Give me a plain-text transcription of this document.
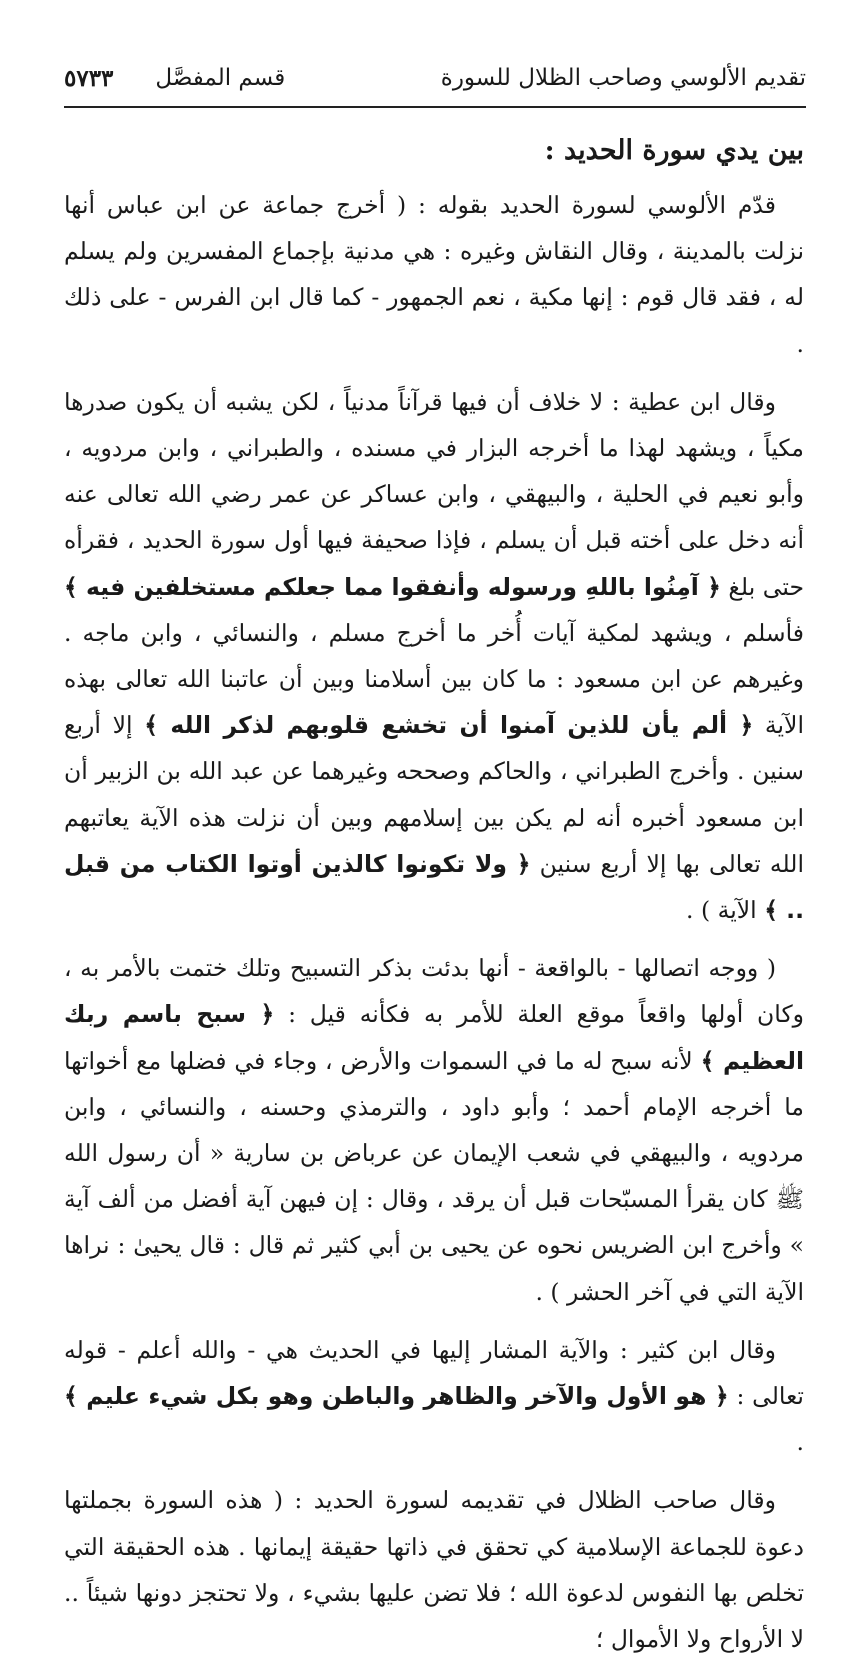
تقديم الألوسي وصاحب الظلال للسورة
قسم المفصَّل
٥٧٣٣
بين يدي سورة الحديد :

قدّم الألوسي لسورة الحديد بقوله : ( أخرج جماعة عن ابن عباس أنها نزلت بالمدينة ، وقال النقاش وغيره : هي مدنية بإجماع المفسرين ولم يسلم له ، فقد قال قوم : إنها مكية ، نعم الجمهور - كما قال ابن الفرس - على ذلك .

وقال ابن عطية : لا خلاف أن فيها قرآناً مدنياً ، لكن يشبه أن يكون صدرها مكياً ، ويشهد لهذا ما أخرجه البزار في مسنده ، والطبراني ، وابن مردويه ، وأبو نعيم في الحلية ، والبيهقي ، وابن عساكر عن عمر رضي الله تعالى عنه أنه دخل على أخته قبل أن يسلم ، فإذا صحيفة فيها أول سورة الحديد ، فقرأه حتى بلغ ﴿ آمِنُوا باللهِ ورسوله وأنفقوا مما جعلكم مستخلفين فيه ﴾ فأسلم ، ويشهد لمكية آيات أُخر ما أخرج مسلم ، والنسائي ، وابن ماجه . وغيرهم عن ابن مسعود : ما كان بين أسلامنا وبين أن عاتبنا الله تعالى بهذه الآية ﴿ ألم يأن للذين آمنوا أن تخشع قلوبهم لذكر الله ﴾ إلا أربع سنين . وأخرج الطبراني ، والحاكم وصححه وغيرهما عن عبد الله بن الزبير أن ابن مسعود أخبره أنه لم يكن بين إسلامهم وبين أن نزلت هذه الآية يعاتبهم الله تعالى بها إلا أربع سنين ﴿ ولا تكونوا كالذين أوتوا الكتاب من قبل .. ﴾ الآية ) .

( ووجه اتصالها - بالواقعة - أنها بدئت بذكر التسبيح وتلك ختمت بالأمر به ، وكان أولها واقعاً موقع العلة للأمر به فكأنه قيل : ﴿ سبح باسم ربك العظيم ﴾ لأنه سبح له ما في السموات والأرض ، وجاء في فضلها مع أخواتها ما أخرجه الإمام أحمد ؛ وأبو داود ، والترمذي وحسنه ، والنسائي ، وابن مردويه ، والبيهقي في شعب الإيمان عن عرباض بن سارية « أن رسول الله ﷺ كان يقرأ المسبّحات قبل أن يرقد ، وقال : إن فيهن آية أفضل من ألف آية » وأخرج ابن الضريس نحوه عن يحيى بن أبي كثير ثم قال : قال يحيىٰ : نراها الآية التي في آخر الحشر ) .

وقال ابن كثير : والآية المشار إليها في الحديث هي - والله أعلم - قوله تعالى : ﴿ هو الأول والآخر والظاهر والباطن وهو بكل شيء عليم ﴾ .

وقال صاحب الظلال في تقديمه لسورة الحديد : ( هذه السورة بجملتها دعوة للجماعة الإسلامية كي تحقق في ذاتها حقيقة إيمانها . هذه الحقيقة التي تخلص بها النفوس لدعوة الله ؛ فلا تضن عليها بشيء ، ولا تحتجز دونها شيئاً .. لا الأرواح ولا الأموال ؛
